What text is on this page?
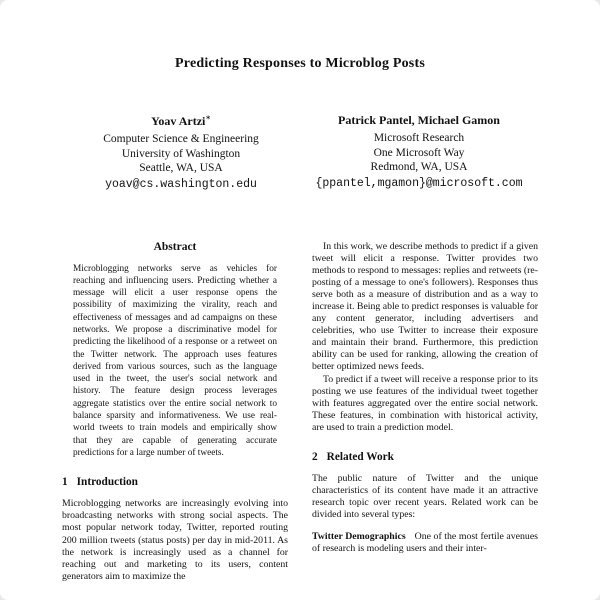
Predicting Responses to Microblog Posts
Yoav Artzi∗
Computer Science & Engineering
University of Washington
Seattle, WA, USA
yoav@cs.washington.edu
Patrick Pantel, Michael Gamon
Microsoft Research
One Microsoft Way
Redmond, WA, USA
{ppantel,mgamon}@microsoft.com
Abstract

Microblogging networks serve as vehicles for reaching and influencing users. Predicting whether a message will elicit a user response opens the possibility of maximizing the virality, reach and effectiveness of messages and ad campaigns on these networks. We propose a discriminative model for predicting the likelihood of a response or a retweet on the Twitter network. The approach uses features derived from various sources, such as the language used in the tweet, the user's social network and history. The feature design process leverages aggregate statistics over the entire social network to balance sparsity and informativeness. We use real-world tweets to train models and empirically show that they are capable of generating accurate predictions for a large number of tweets.

1 Introduction

Microblogging networks are increasingly evolving into broadcasting networks with strong social aspects. The most popular network today, Twitter, reported routing 200 million tweets (status posts) per day in mid-2011. As the network is increasingly used as a channel for reaching out and marketing to its users, content generators aim to maximize the

In this work, we describe methods to predict if a given tweet will elicit a response. Twitter provides two methods to respond to messages: replies and retweets (re-posting of a message to one's followers). Responses thus serve both as a measure of distribution and as a way to increase it. Being able to predict responses is valuable for any content generator, including advertisers and celebrities, who use Twitter to increase their exposure and maintain their brand. Furthermore, this prediction ability can be used for ranking, allowing the creation of better optimized news feeds.

To predict if a tweet will receive a response prior to its posting we use features of the individual tweet together with features aggregated over the entire social network. These features, in combination with historical activity, are used to train a prediction model.

2 Related Work

The public nature of Twitter and the unique characteristics of its content have made it an attractive research topic over recent years. Related work can be divided into several types:

Twitter Demographics One of the most fertile avenues of research is modeling users and their inter-
